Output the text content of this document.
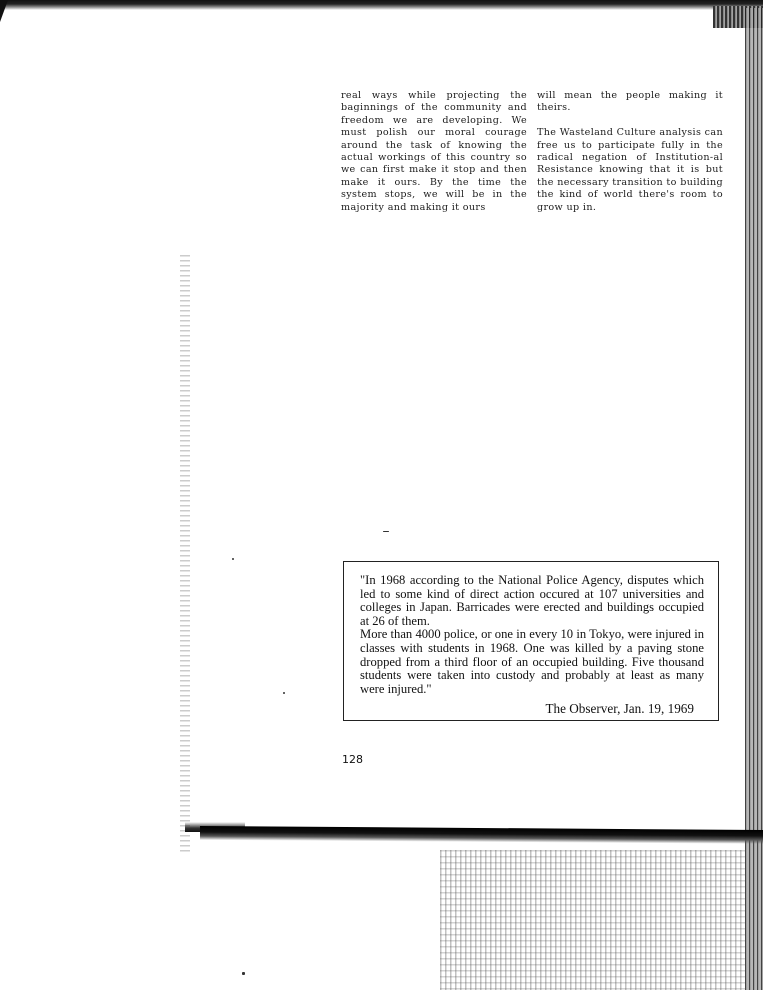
real ways while projecting the baginnings of the community and freedom we are developing. We must polish our moral courage around the task of knowing the actual workings of this country so we can first make it stop and then make it ours. By the time the system stops, we will be in the majority and making it ours

will mean the people making it theirs.

The Wasteland Culture analysis can free us to participate fully in the radical negation of Institution-al Resistance knowing that it is but the necessary transition to building the kind of world there's room to grow up in.

"In 1968 according to the National Police Agency, disputes which led to some kind of direct action occured at 107 universities and colleges in Japan. Barricades were erected and buildings occupied at 26 of them.

More than 4000 police, or one in every 10 in Tokyo, were injured in classes with students in 1968. One was killed by a paving stone dropped from a third floor of an occupied building. Five thousand students were taken into custody and probably at least as many were injured."

The Observer, Jan. 19, 1969

128
